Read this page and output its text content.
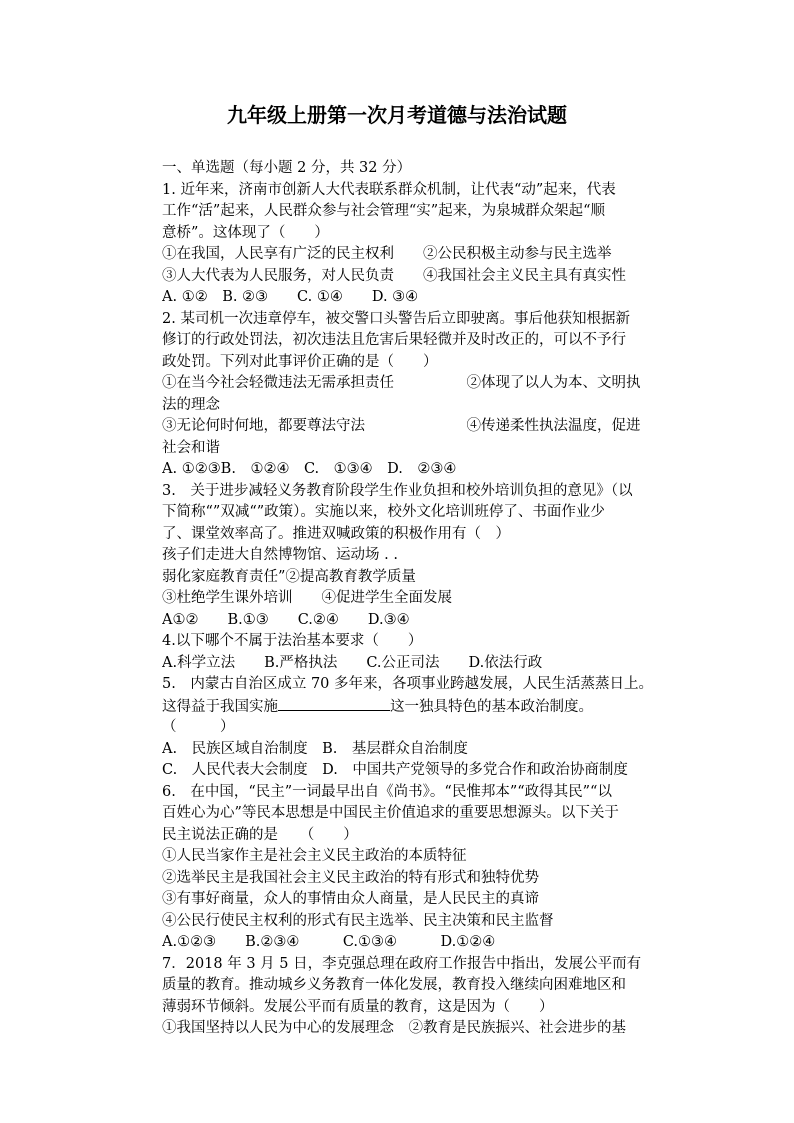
九年级上册第一次月考道德与法治试题
一、单选题（每小题 2 分，共 32 分）
1. 近年来，济南市创新人大代表联系群众机制，让代表“动”起来，代表
工作“活”起来，人民群众参与社会管理“实”起来，为泉城群众架起“顺
意桥”。这体现了（　　）
①在我国，人民享有广泛的民主权利　　②公民积极主动参与民主选举
③人大代表为人民服务，对人民负责　　④我国社会主义民主具有真实性
A. ①②　B. ②③　　C. ①④　　D. ③④
2. 某司机一次违章停车，被交警口头警告后立即驶离。事后他获知根据新
修订的行政处罚法，初次违法且危害后果轻微并及时改正的，可以不予行
政处罚。下列对此事评价正确的是（　　）
①在当今社会轻微违法无需承担责任　　　　　②体现了以人为本、文明执
法的理念
③无论何时何地，都要尊法守法　　　　　　　④传递柔性执法温度，促进
社会和谐
A. ①②③B.　①②④　C.　①③④　D.　②③④
3.　关于进步减轻义务教育阶段学生作业负担和校外培训负担的意见》（以
下简称“”双减“”政策）。实施以来，校外文化培训班停了、书面作业少
了、课堂效率高了。推进双喊政策的积极作用有（　）
孩子们走进大自然博物馆、运动场 . .
弱化家庭教育责任”②提高教育教学质量
③杜绝学生课外培训　　④促进学生全面发展
A①②　　B.①③　　C.②④　　D.③④
4.以下哪个不属于法治基本要求（　　）
A.科学立法　　B.严格执法　　C.公正司法　　D.依法行政
5.　内蒙古自治区成立 70 多年来，各项事业跨越发展，人民生活蒸蒸日上。
这得益于我国实施	这一独具特色的基本政治制度。
（　　　）
A.　民族区域自治制度　B.　基层群众自治制度
C.　人民代表大会制度　D.　中国共产党领导的多党合作和政治协商制度
6.　在中国，“民主”一词最早出自《尚书》。“民惟邦本”“政得其民”“以
百姓心为心”等民本思想是中国民主价值追求的重要思想源头。以下关于
民主说法正确的是　　（　　）
①人民当家作主是社会主义民主政治的本质特征
②选举民主是我国社会主义民主政治的特有形式和独特优势
③有事好商量，众人的事情由众人商量，是人民民主的真谛
④公民行使民主权利的形式有民主选举、民主决策和民主监督
A.①②③　　B.②③④　　　C.①③④　　　D.①②④
7．2018 年 3 月 5 日，李克强总理在政府工作报告中指出，发展公平而有
质量的教育。推动城乡义务教育一体化发展，教育投入继续向困难地区和
薄弱环节倾斜。发展公平而有质量的教育，这是因为（　　）
①我国坚持以人民为中心的发展理念　②教育是民族振兴、社会进步的基
